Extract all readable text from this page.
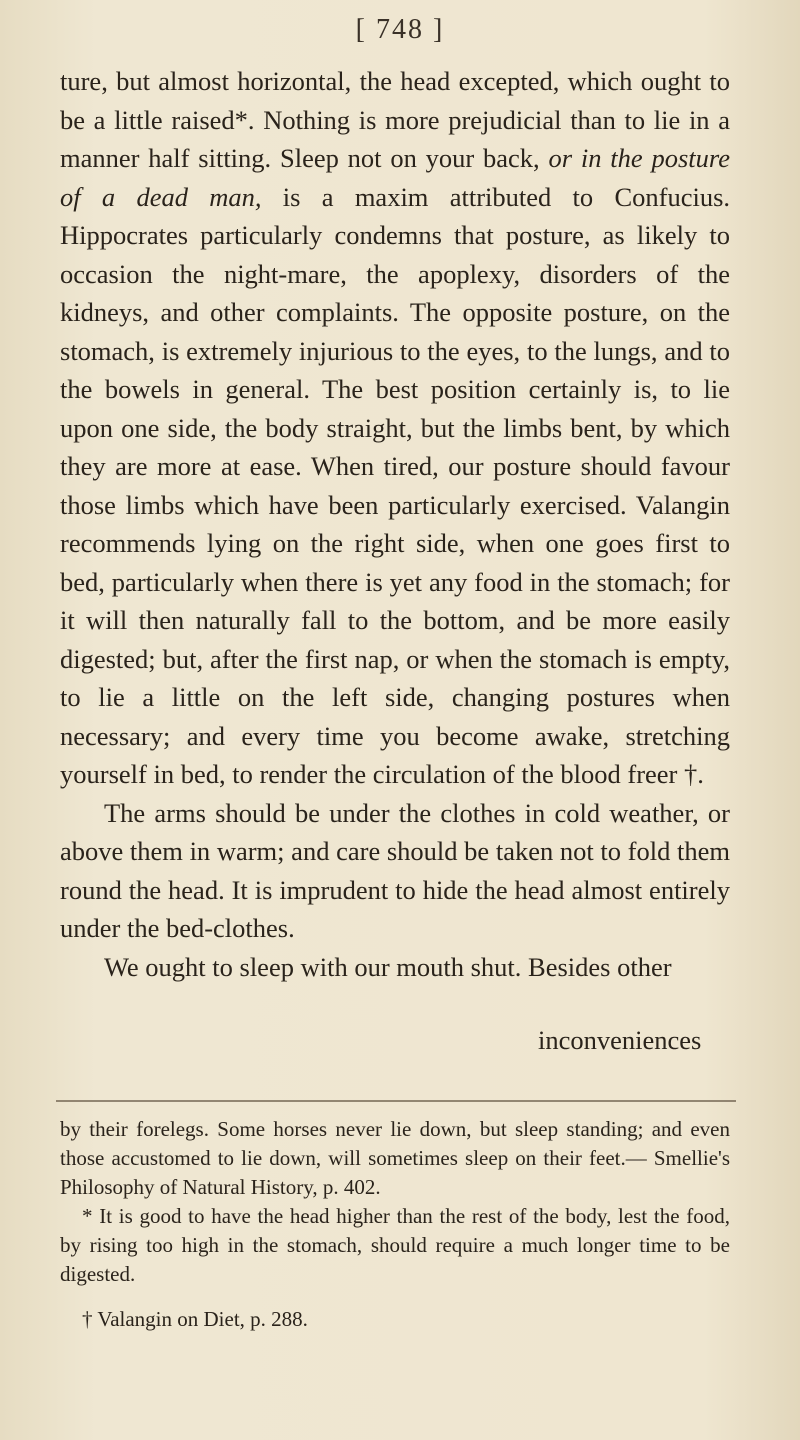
[ 748 ]

ture, but almost horizontal, the head excepted, which ought to be a little raised*. Nothing is more prejudicial than to lie in a manner half sitting. Sleep not on your back, or in the posture of a dead man, is a maxim attributed to Confucius. Hippocrates particularly condemns that posture, as likely to occasion the night-mare, the apoplexy, disorders of the kidneys, and other complaints. The opposite posture, on the stomach, is extremely injurious to the eyes, to the lungs, and to the bowels in general. The best position certainly is, to lie upon one side, the body straight, but the limbs bent, by which they are more at ease. When tired, our posture should favour those limbs which have been particularly exercised. Valangin recommends lying on the right side, when one goes first to bed, particularly when there is yet any food in the stomach; for it will then naturally fall to the bottom, and be more easily digested; but, after the first nap, or when the stomach is empty, to lie a little on the left side, changing postures when necessary; and every time you become awake, stretching yourself in bed, to render the circulation of the blood freer †.

The arms should be under the clothes in cold weather, or above them in warm; and care should be taken not to fold them round the head. It is imprudent to hide the head almost entirely under the bed-clothes.

We ought to sleep with our mouth shut. Besides other

inconveniences

by their forelegs. Some horses never lie down, but sleep standing; and even those accustomed to lie down, will sometimes sleep on their feet.— Smellie's Philosophy of Natural History, p. 402.

* It is good to have the head higher than the rest of the body, lest the food, by rising too high in the stomach, should require a much longer time to be digested.

† Valangin on Diet, p. 288.
